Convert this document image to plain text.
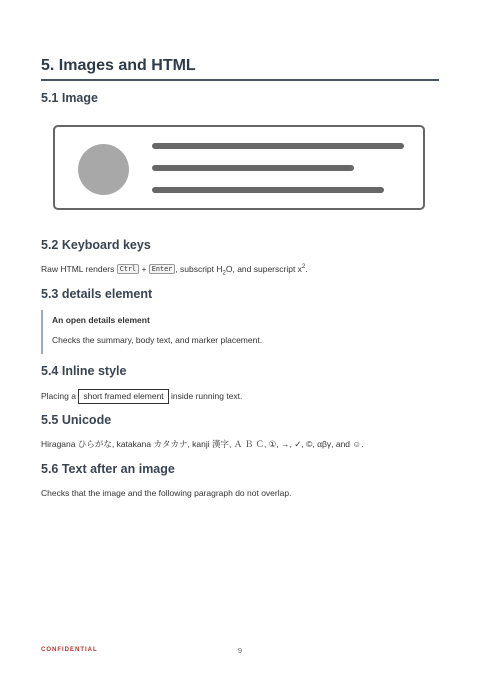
5. Images and HTML
5.1 Image
5.2 Keyboard keys
Raw HTML renders Ctrl + Enter , subscript $H_2O$, and superscript $x^2$.
5.3 details element
An open details element
Checks the summary, body text, and marker placement.
5.4 Inline style
Placing a short framed element inside running text.
5.5 Unicode
Hiragana ひらがな, katakana カタカナ, kanji 漢字, Ａ Ｂ Ｃ, ①, →, ✓, ©, αβγ, and ☺.
5.6 Text after an image
Checks that the image and the following paragraph do not overlap.
CONFIDENTIAL	9
